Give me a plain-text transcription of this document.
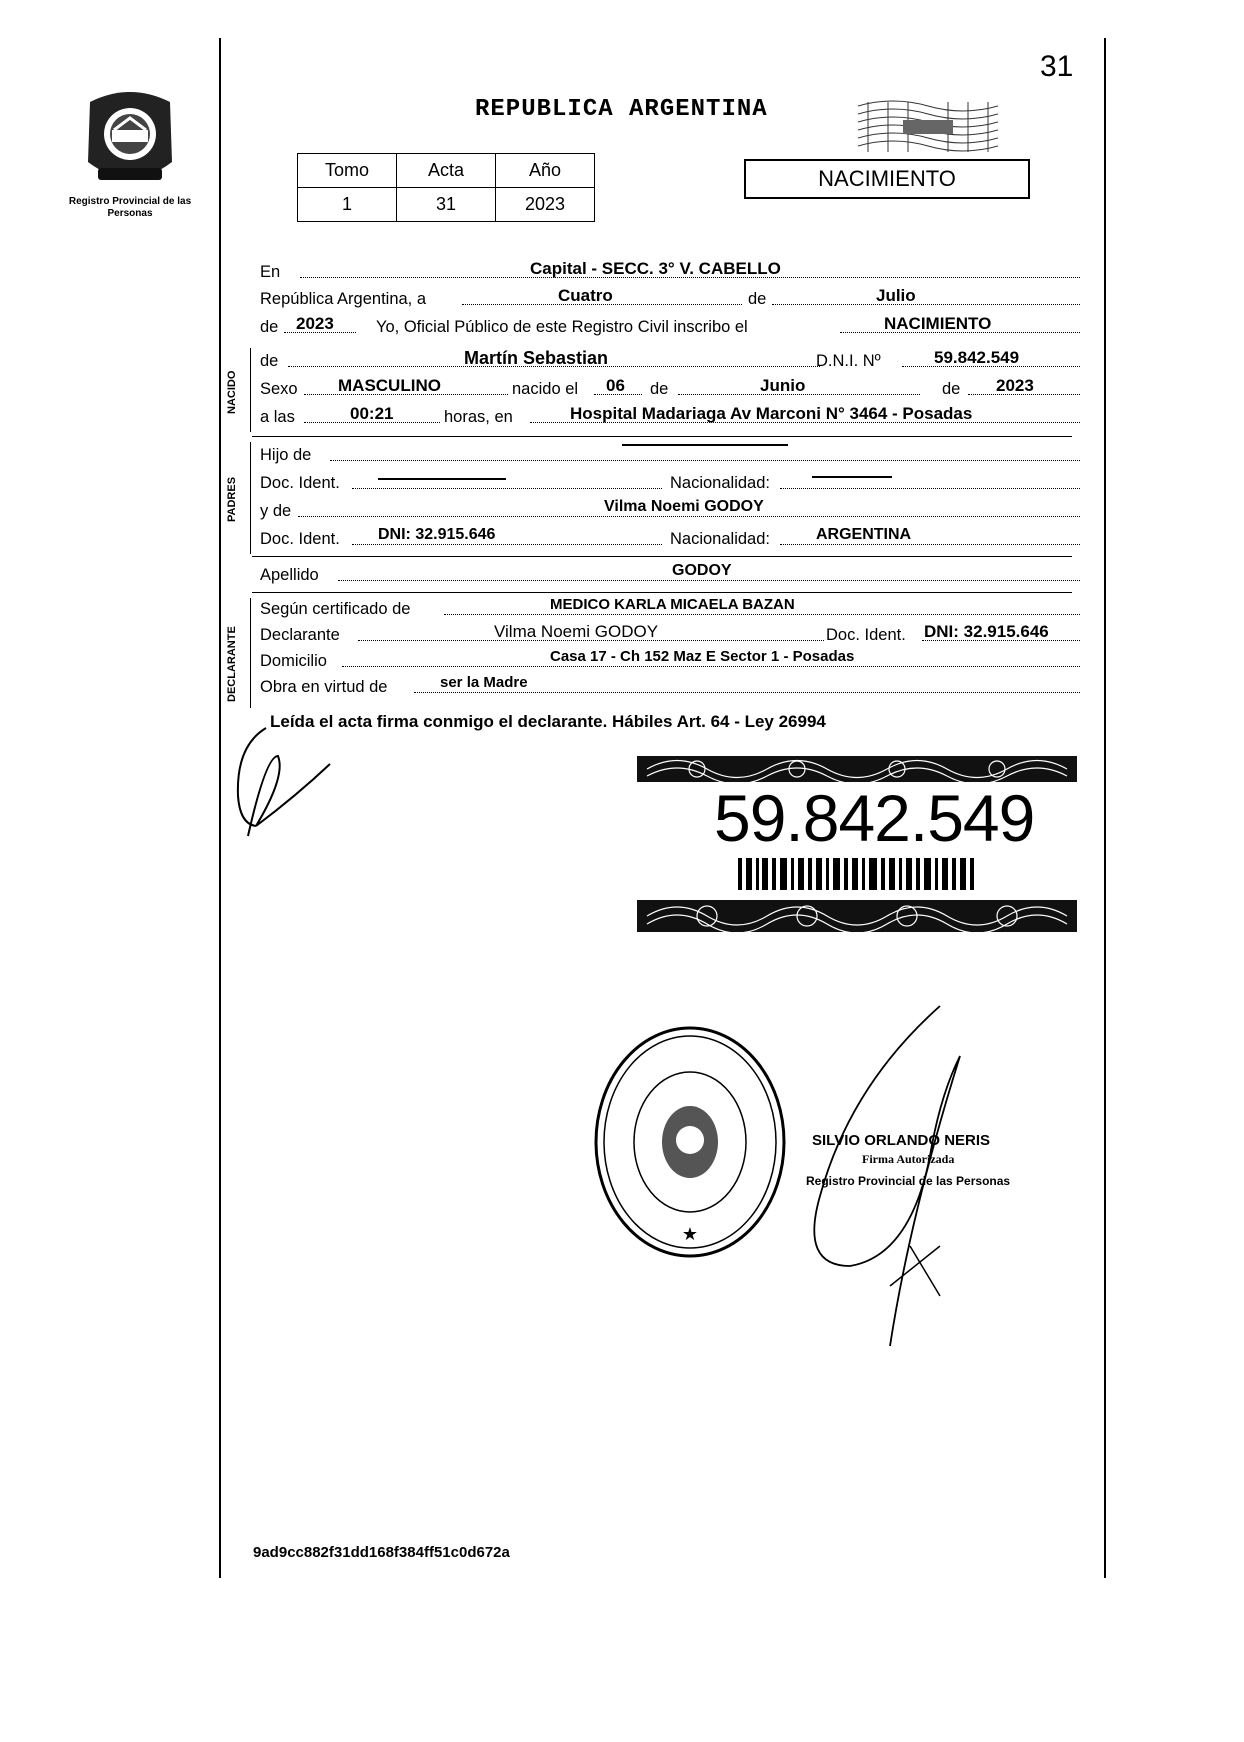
31
Registro Provincial de las Personas
REPUBLICA ARGENTINA
Tomo	Acta	Año
1	31	2023
NACIMIENTO
En	Capital - SECC. 3° V. CABELLO
República Argentina, a	Cuatro	de	Julio
de 2023	Yo, Oficial Público de este Registro Civil inscribo el	NACIMIENTO
NACIDO
de	Martín Sebastian	D.N.I. Nº	59.842.549
Sexo MASCULINO	nacido el 06 de	Junio	de 2023
a las	00:21	horas, en	Hospital Madariaga Av Marconi N° 3464 - Posadas
PADRES
Hijo de
Doc. Ident.	Nacionalidad:
y de	Vilma Noemi GODOY
Doc. Ident. DNI: 32.915.646	Nacionalidad:	ARGENTINA
Apellido	GODOY
DECLARANTE
Según certificado de	MEDICO KARLA MICAELA BAZAN
Declarante	Vilma Noemi GODOY	Doc. Ident. DNI: 32.915.646
Domicilio	Casa 17 - Ch 152 Maz E Sector 1 - Posadas
Obra en virtud de	ser la Madre
Leída el acta firma conmigo el declarante. Hábiles Art. 64 - Ley 26994
59.842.549
★
SILVIO ORLANDO NERIS
Firma Autorizada
Registro Provincial de las Personas
9ad9cc882f31dd168f384ff51c0d672a
